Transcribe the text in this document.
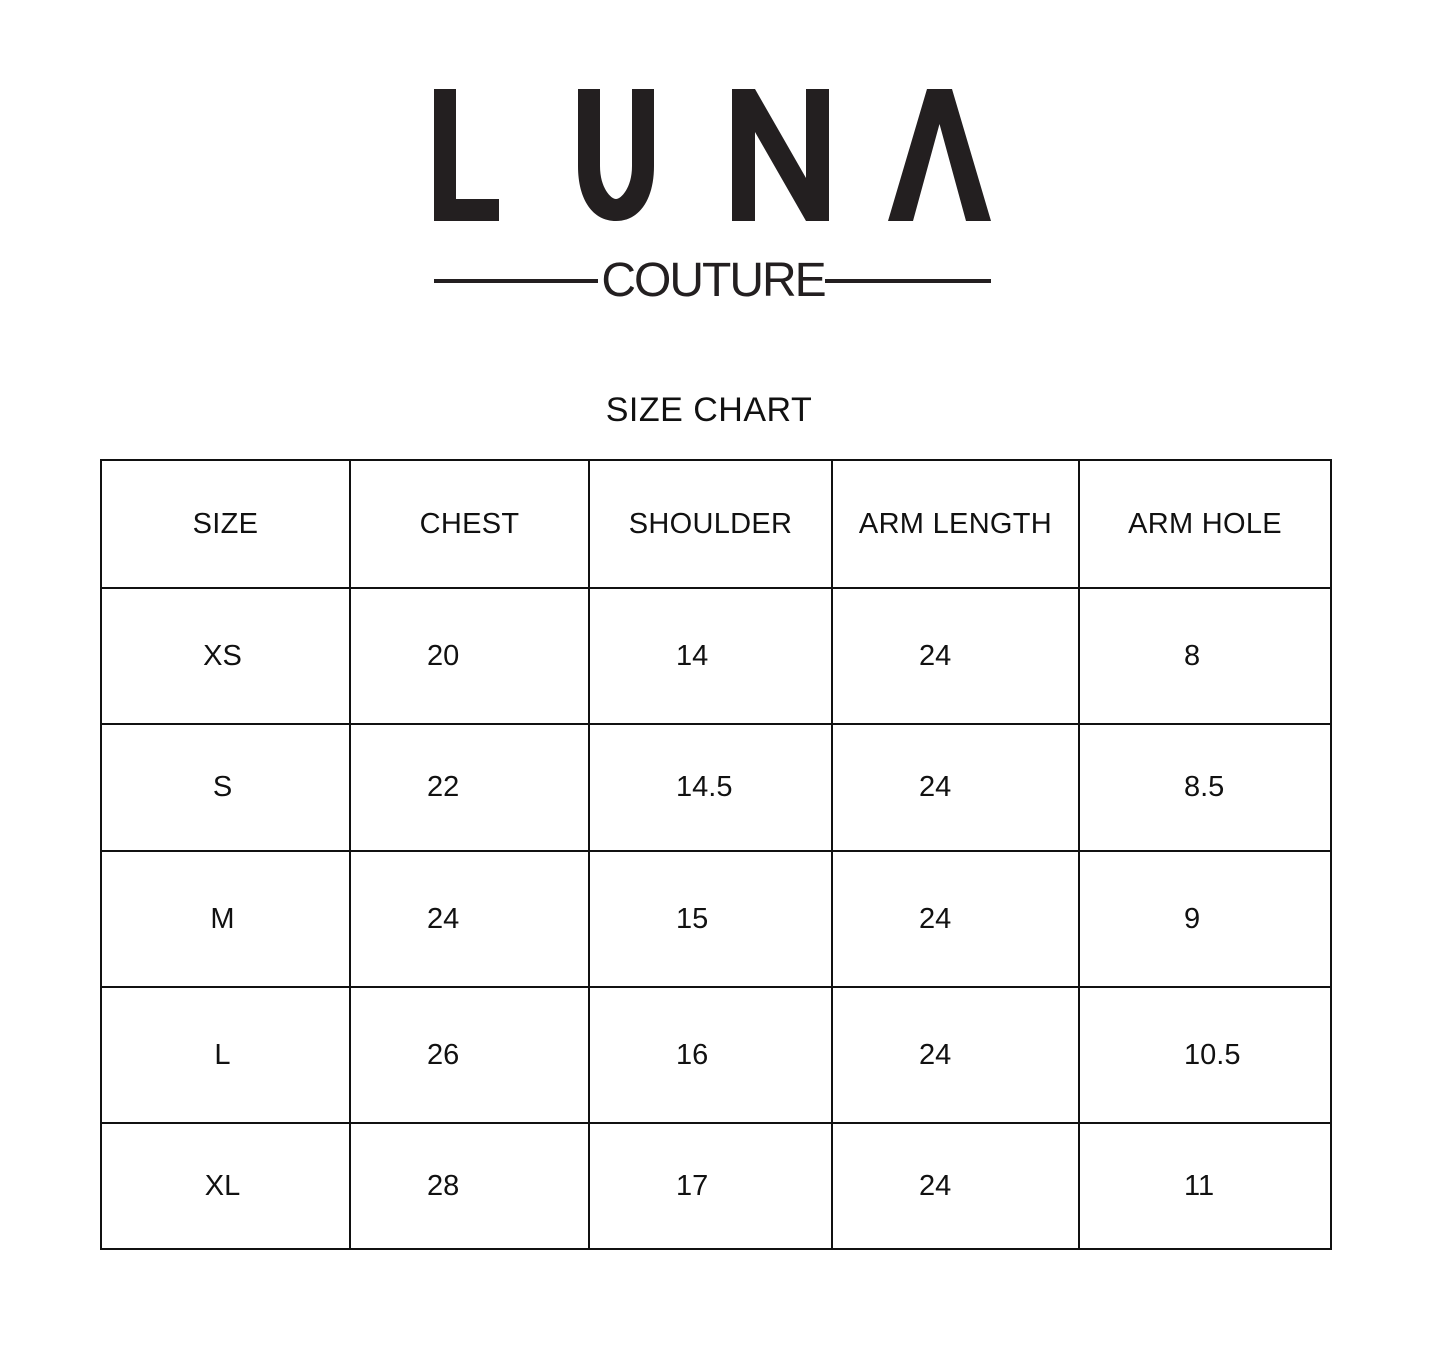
COUTURE
SIZE CHART
SIZE	CHEST	SHOULDER	ARM LENGTH	ARM HOLE
XS	20	14	24	8
S	22	14.5	24	8.5
M	24	15	24	9
L	26	16	24	10.5
XL	28	17	24	11
